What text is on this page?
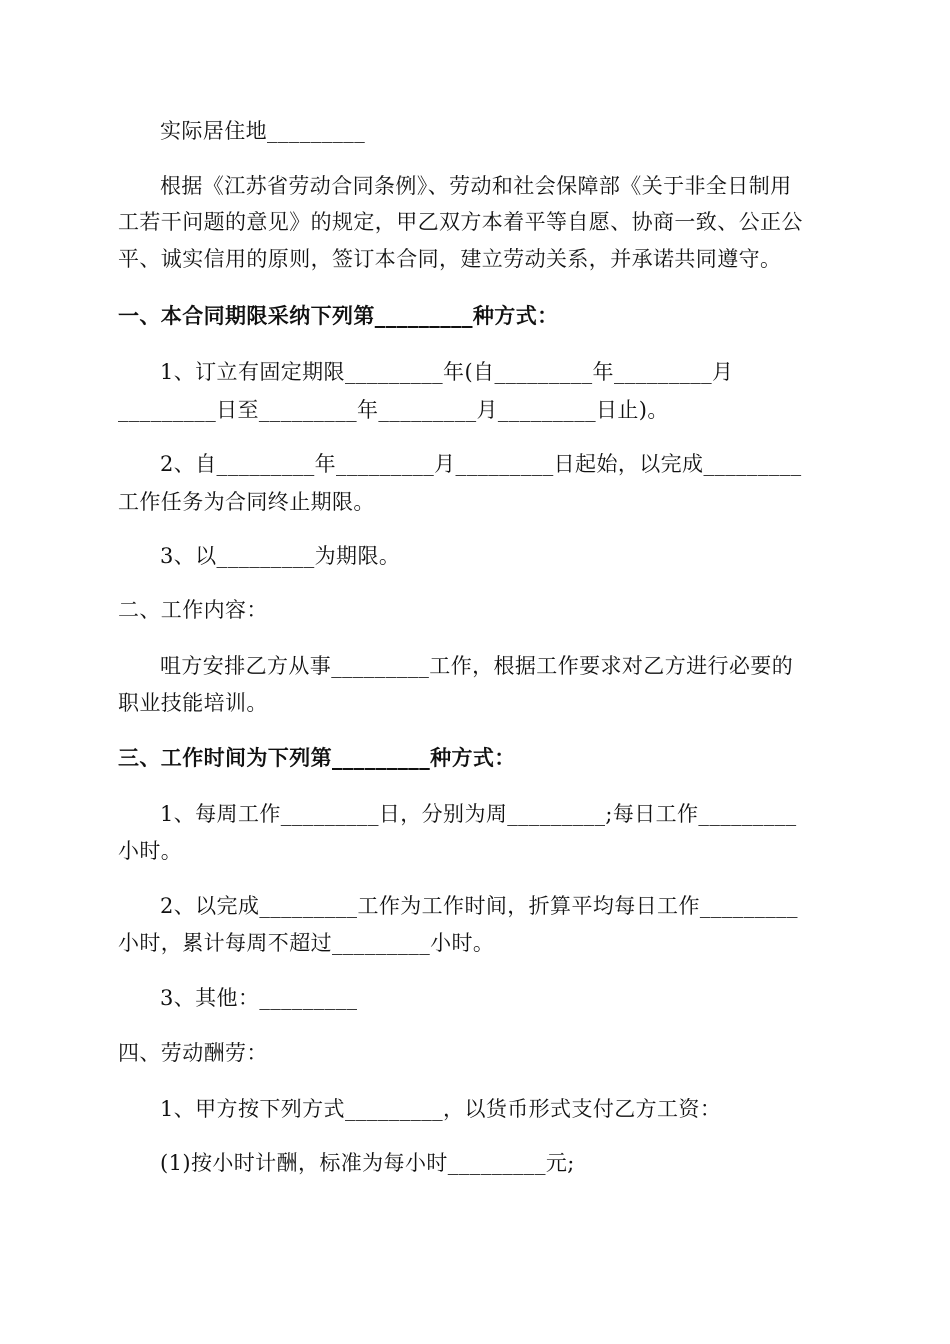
实际居住地_________
根据《江苏省劳动合同条例》、劳动和社会保障部《关于非全日制用
工若干问题的意见》的规定，甲乙双方本着平等自愿、协商一致、公正公
平、诚实信用的原则，签订本合同，建立劳动关系，并承诺共同遵守。
一、本合同期限采纳下列第_________种方式：
1、订立有固定期限_________年(自_________年_________月
_________日至_________年_________月_________日止)。
2、自_________年_________月_________日起始，以完成_________
工作任务为合同终止期限。
3、以_________为期限。
二、工作内容：
咀方安排乙方从事_________工作，根据工作要求对乙方进行必要的
职业技能培训。
三、工作时间为下列第_________种方式：
1、每周工作_________日，分别为周_________;每日工作_________
小时。
2、以完成_________工作为工作时间，折算平均每日工作_________
小时，累计每周不超过_________小时。
3、其他：_________
四、劳动酬劳：
1、甲方按下列方式_________，以货币形式支付乙方工资：
(1)按小时计酬，标准为每小时_________元;
